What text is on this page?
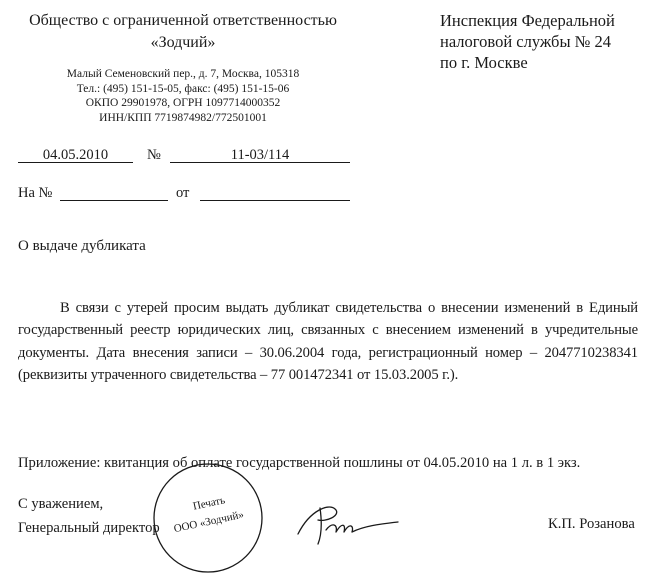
Общество с ограниченной ответственностью
«Зодчий»
Малый Семеновский пер., д. 7, Москва, 105318
Тел.: (495) 151-15-05, факс: (495) 151-15-06
ОКПО 29901978, ОГРН 1097714000352
ИНН/КПП 7719874982/772501001
Инспекция Федеральной
налоговой службы № 24
по г. Москве
04.05.2010	№	11-03/114
На №	от
О выдаче дубликата
В связи с утерей просим выдать дубликат свидетельства о внесении изменений в Единый государственный реестр юридических лиц, связанных с внесением изменений в учредительные документы. Дата внесения записи – 30.06.2004 года, регистрационный номер – 2047710238341 (реквизиты утраченного свидетельства – 77 001472341 от 15.03.2005 г.).
Приложение: квитанция об оплате государственной пошлины от 04.05.2010 на 1 л. в 1 экз.
С уважением,
Генеральный директор	К.П. Розанова
Печать
ООО «Зодчий»
